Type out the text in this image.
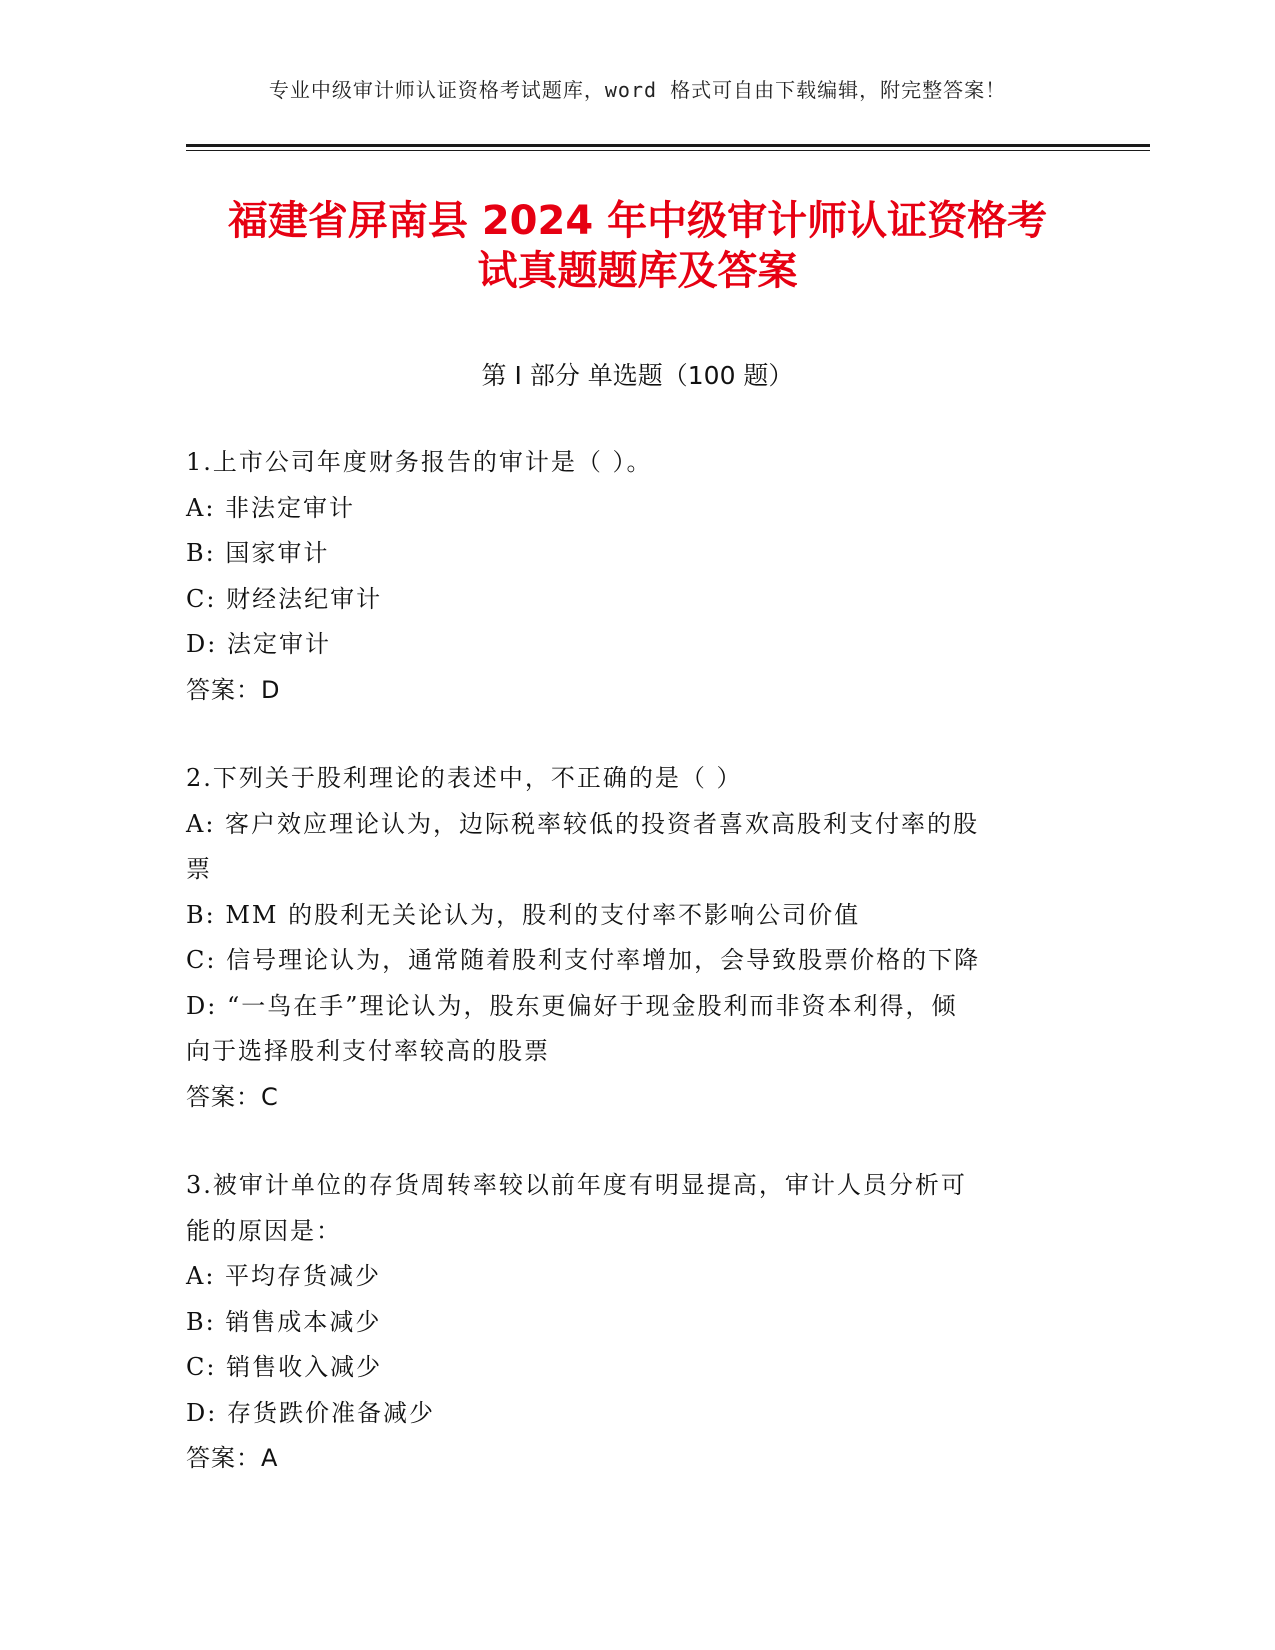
专业中级审计师认证资格考试题库，word 格式可自由下载编辑，附完整答案！
福建省屏南县 2024 年中级审计师认证资格考
试真题题库及答案
第 I 部分 单选题（100 题）

1.上市公司年度财务报告的审计是（ ）。

A: 非法定审计

B: 国家审计

C: 财经法纪审计

D: 法定审计

答案：D

2.下列关于股利理论的表述中，不正确的是（ ）

A: 客户效应理论认为，边际税率较低的投资者喜欢高股利支付率的股

票

B: MM 的股利无关论认为，股利的支付率不影响公司价值

C: 信号理论认为，通常随着股利支付率增加，会导致股票价格的下降

D: “一鸟在手”理论认为，股东更偏好于现金股利而非资本利得，倾

向于选择股利支付率较高的股票

答案：C

3.被审计单位的存货周转率较以前年度有明显提高，审计人员分析可

能的原因是：

A: 平均存货减少

B: 销售成本减少

C: 销售收入减少

D: 存货跌价准备减少

答案：A
